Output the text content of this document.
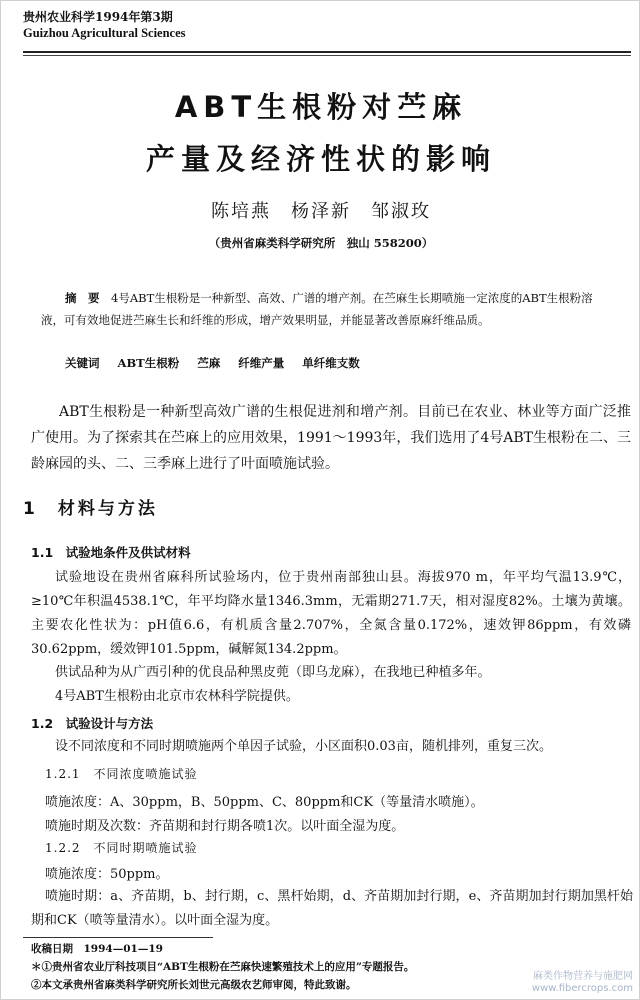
贵州农业科学1994年第3期
Guizhou Agricultural Sciences
ABT生根粉对苎麻
产量及经济性状的影响
陈培燕　杨泽新　邹淑玫
（贵州省麻类科学研究所　独山 558200）
摘　要　 4号ABT生根粉是一种新型、高效、广谱的增产剂。在苎麻生长期喷施一定浓度的ABT生根粉溶液，可有效地促进苎麻生长和纤维的形成，增产效果明显，并能显著改善原麻纤维品质。
关键词 ABT生根粉 苎麻 纤维产量 单纤维支数
ABT生根粉是一种新型高效广谱的生根促进剂和增产剂。目前已在农业、林业等方面广泛推广使用。为了探索其在苎麻上的应用效果，1991～1993年，我们选用了4号ABT生根粉在二、三龄麻园的头、二、三季麻上进行了叶面喷施试验。
1　材料与方法
1.1　试验地条件及供试材料
试验地设在贵州省麻科所试验场内，位于贵州南部独山县。海拔970 m，年平均气温13.9℃，≥10℃年积温4538.1℃，年平均降水量1346.3mm，无霜期271.7天，相对湿度82%。土壤为黄壤。主要农化性状为：pH值6.6，有机质含量2.707%，全氮含量0.172%，速效钾86ppm，有效磷30.62ppm，缓效钾101.5ppm，碱解氮134.2ppm。
供试品种为从广西引种的优良品种黑皮蔸（即乌龙麻），在我地已种植多年。
4号ABT生根粉由北京市农林科学院提供。
1.2　试验设计与方法
设不同浓度和不同时期喷施两个单因子试验，小区面积0.03亩，随机排列，重复三次。
1.2.1　不同浓度喷施试验
喷施浓度：A、30ppm，B、50ppm、C、80ppm和CK（等量清水喷施）。
喷施时期及次数：齐苗期和封行期各喷1次。以叶面全湿为度。
1.2.2　不同时期喷施试验
喷施浓度：50ppm。
喷施时期：a、齐苗期，b、封行期，c、黑杆始期，d、齐苗期加封行期，e、齐苗期加封行期加黑杆始期和CK（喷等量清水）。以叶面全湿为度。
收稿日期　1994—01—19
＊①贵州省农业厅科技项目“ABT生根粉在苎麻快速繁殖技术上的应用”专题报告。
②本文承贵州省麻类科学研究所长刘世元高级农艺师审阅，特此致谢。
麻类作物营养与施肥网
www.fibercrops.com
